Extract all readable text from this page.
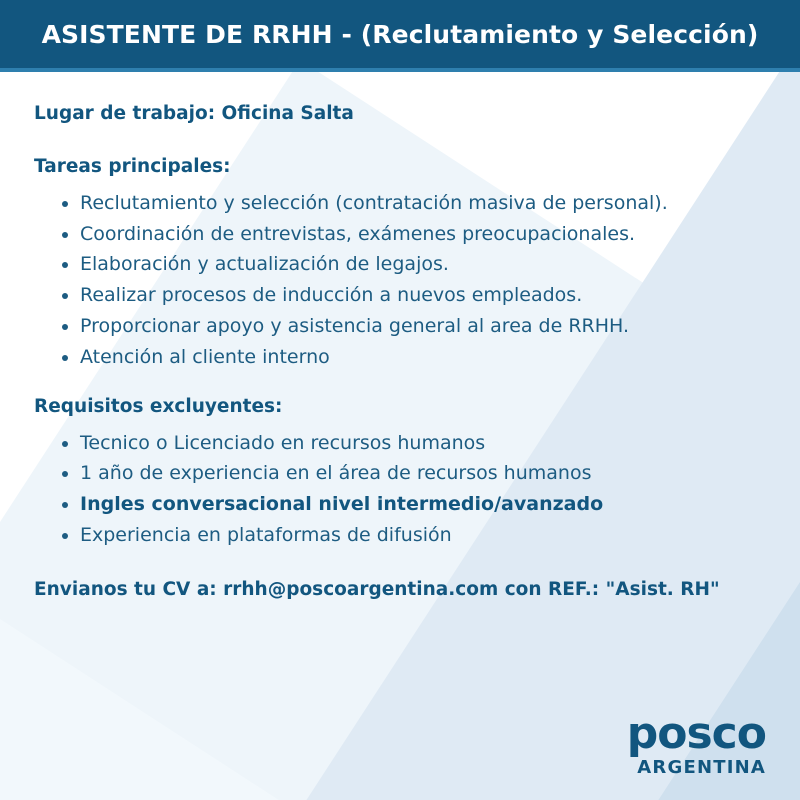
ASISTENTE DE RRHH - (Reclutamiento y Selección)
Lugar de trabajo: Oficina Salta
Tareas principales:
Reclutamiento y selección (contratación masiva de personal).
Coordinación de entrevistas, exámenes preocupacionales.
Elaboración y actualización de legajos.
Realizar procesos de inducción a nuevos empleados.
Proporcionar apoyo y asistencia general al area de RRHH.
Atención al cliente interno
Requisitos excluyentes:
Tecnico o Licenciado en recursos humanos
1 año de experiencia en el área de recursos humanos
Ingles conversacional nivel intermedio/avanzado
Experiencia en plataformas de difusión
Envianos tu CV a: rrhh@poscoargentina.com con REF.: "Asist. RH"
posco
ARGENTINA
